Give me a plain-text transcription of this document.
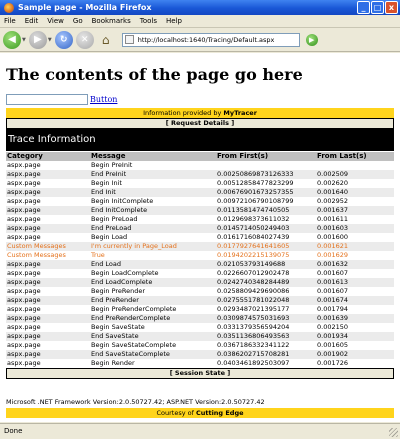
Sample page - Mozilla Firefox	_	□ x
File Edit View Go Bookmarks Tools Help
◀	▼ ▶	▼ ↻	✕	⌂	http://localhost:1640/Tracing/Default.aspx	▶
The contents of the page go here
Button
Information provided by MyTracer
[ Request Details ]
Trace Information
Category	Message	From First(s)	From Last(s)
aspx.page	Begin PreInit		
aspx.page	End PreInit	0.00250869873126333	0.002509
aspx.page	Begin Init	0.00512858477823299	0.002620
aspx.page	End Init	0.00676901673257355	0.001640
aspx.page	Begin InitComplete	0.00972106790108799	0.002952
aspx.page	End InitComplete	0.0113581474740505	0.001637
aspx.page	Begin PreLoad	0.0129698373611032	0.001611
aspx.page	End PreLoad	0.0145714050249403	0.001603
aspx.page	Begin Load	0.0161716084027439	0.001600
Custom Messages	I'm currently in Page_Load	0.0177927641641605	0.001621
Custom Messages	True	0.0194202215139075	0.001629
aspx.page	End Load	0.021053793149688	0.001632
aspx.page	Begin LoadComplete	0.0226607012902478	0.001607
aspx.page	End LoadComplete	0.0242740348284489	0.001613
aspx.page	Begin PreRender	0.0258809429690086	0.001607
aspx.page	End PreRender	0.0275551781022048	0.001674
aspx.page	Begin PreRenderComplete	0.0293487021395177	0.001794
aspx.page	End PreRenderComplete	0.0309874575031693	0.001639
aspx.page	Begin SaveState	0.0331379356594204	0.002150
aspx.page	End SaveState	0.0351136806493563	0.001934
aspx.page	Begin SaveStateComplete	0.0367186332341122	0.001605
aspx.page	End SaveStateComplete	0.0386202715708281	0.001902
aspx.page	Begin Render	0.0403461892503097	0.001726

[ Session State ]
Microsoft .NET Framework Version:2.0.50727.42; ASP.NET Version:2.0.50727.42
Courtesy of Cutting Edge
Done
